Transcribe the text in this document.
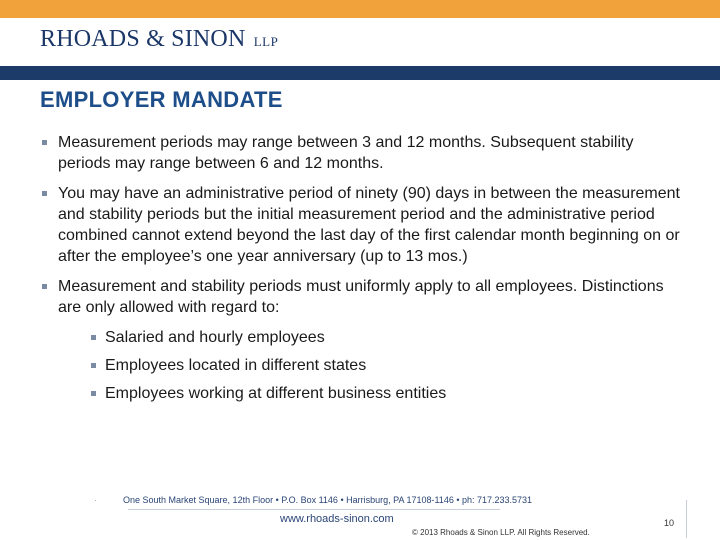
RHOADS & SINON LLP
EMPLOYER MANDATE
Measurement periods may range between 3 and 12 months. Subsequent stability periods may range between 6 and 12 months.
You may have an administrative period of ninety (90) days in between the measurement and stability periods but the initial measurement period and the administrative period combined cannot extend beyond the last day of the first calendar month beginning on or after the employee’s one year anniversary (up to 13 mos.)
Measurement and stability periods must uniformly apply to all employees. Distinctions are only allowed with regard to:
Salaried and hourly employees
Employees located in different states
Employees working at different business entities
·	One South Market Square, 12th Floor • P.O. Box 1146 • Harrisburg, PA 17108-1146 • ph: 717.233.5731
www.rhoads-sinon.com
© 2013 Rhoads & Sinon LLP. All Rights Reserved.
10
